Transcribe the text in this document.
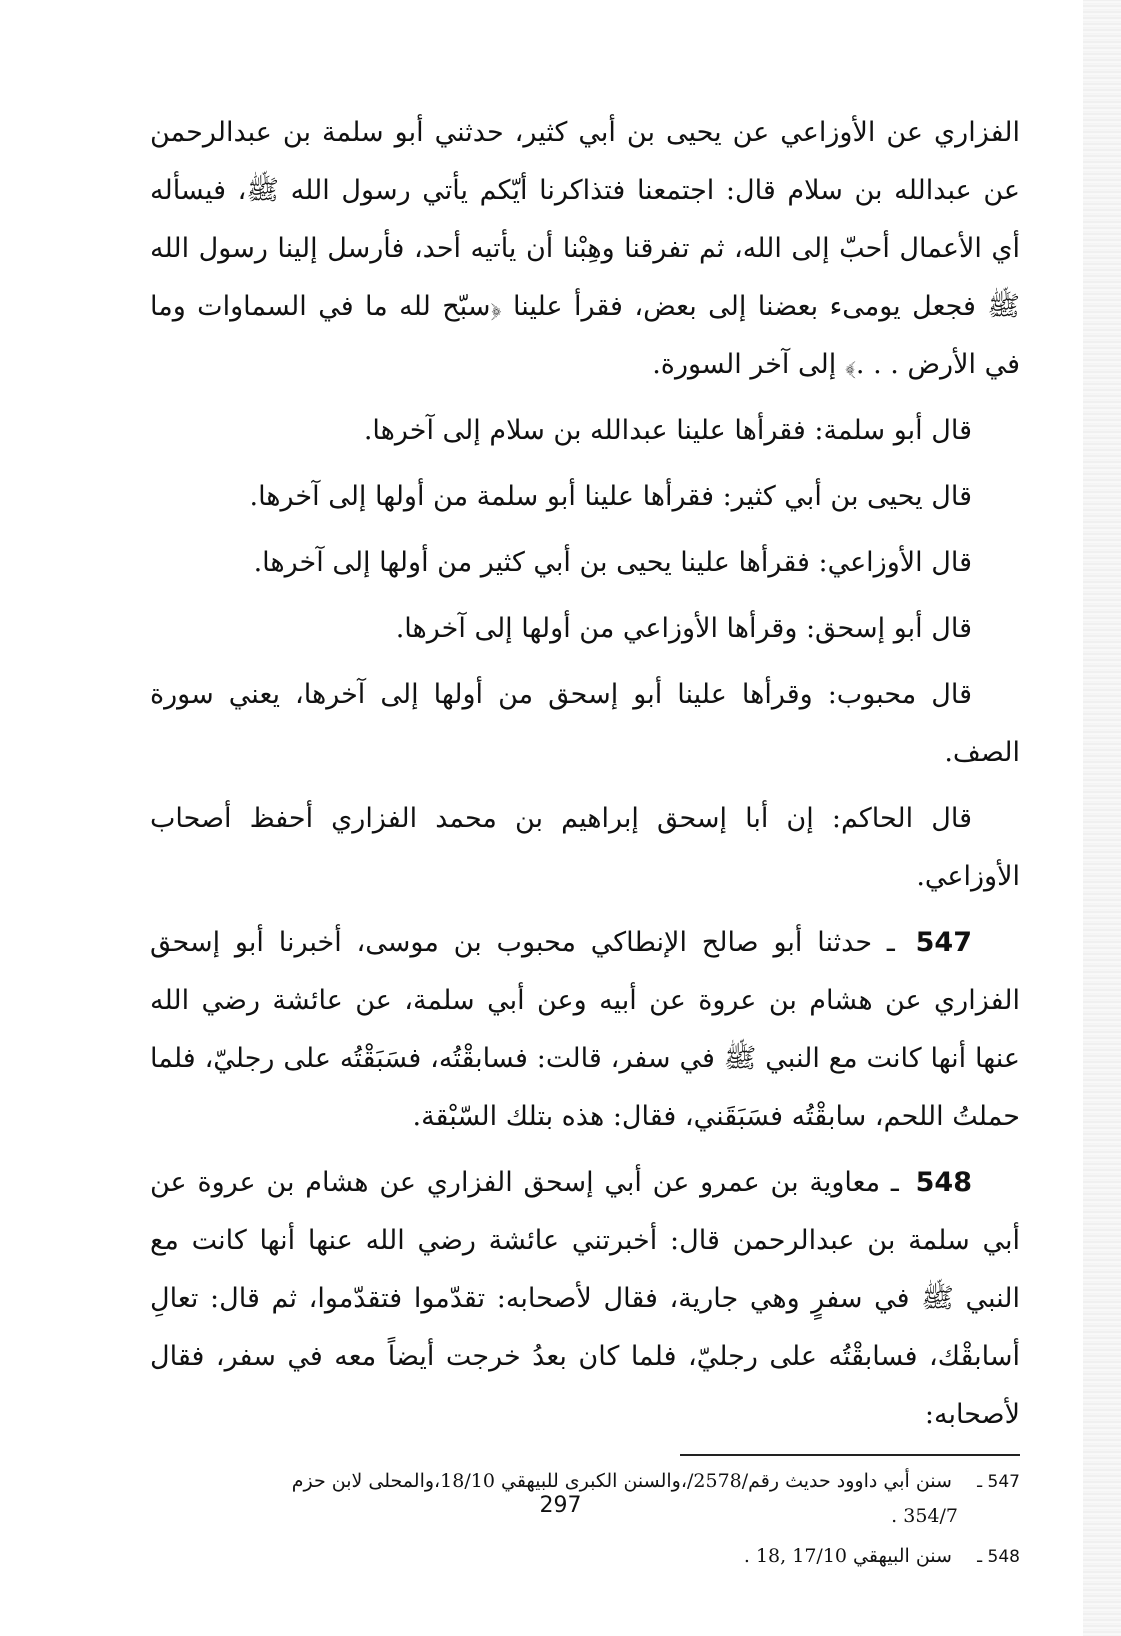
الفزاري عن الأوزاعي عن يحيى بن أبي كثير، حدثني أبو سلمة بن عبدالرحمن عن عبدالله بن سلام قال: اجتمعنا فتذاكرنا أيّكم يأتي رسول الله ﷺ، فيسأله أي الأعمال أحبّ إلى الله، ثم تفرقنا وهِبْنا أن يأتيه أحد، فأرسل إلينا رسول الله ﷺ فجعل يومىء بعضنا إلى بعض، فقرأ علينا ﴿سبّح لله ما في السماوات وما في الأرض . . .﴾ إلى آخر السورة.

قال أبو سلمة: فقرأها علينا عبدالله بن سلام إلى آخرها.

قال يحيى بن أبي كثير: فقرأها علينا أبو سلمة من أولها إلى آخرها.

قال الأوزاعي: فقرأها علينا يحيى بن أبي كثير من أولها إلى آخرها.

قال أبو إسحق: وقرأها الأوزاعي من أولها إلى آخرها.

قال محبوب: وقرأها علينا أبو إسحق من أولها إلى آخرها، يعني سورة الصف.

قال الحاكم: إن أبا إسحق إبراهيم بن محمد الفزاري أحفظ أصحاب الأوزاعي.

547 ـ حدثنا أبو صالح الإنطاكي محبوب بن موسى، أخبرنا أبو إسحق الفزاري عن هشام بن عروة عن أبيه وعن أبي سلمة، عن عائشة رضي الله عنها أنها كانت مع النبي ﷺ في سفر، قالت: فسابقْتُه، فسَبَقْتُه على رجليّ، فلما حملتُ اللحم، سابقْتُه فسَبَقَني، فقال: هذه بتلك السّبْقة.

548 ـ معاوية بن عمرو عن أبي إسحق الفزاري عن هشام بن عروة عن أبي سلمة بن عبدالرحمن قال: أخبرتني عائشة رضي الله عنها أنها كانت مع النبي ﷺ في سفرٍ وهي جارية، فقال لأصحابه: تقدّموا فتقدّموا، ثم قال: تعالِ أسابقْك، فسابقْتُه على رجليّ، فلما كان بعدُ خرجت أيضاً معه في سفر، فقال لأصحابه:

547 ـ سنن أبي داوود حديث رقم/2578/،والسنن الكبرى للبيهقي 18/10،والمحلى لابن حزم
354/7 .
548 ـ سنن البيهقي 17/10 ,18 .
297
